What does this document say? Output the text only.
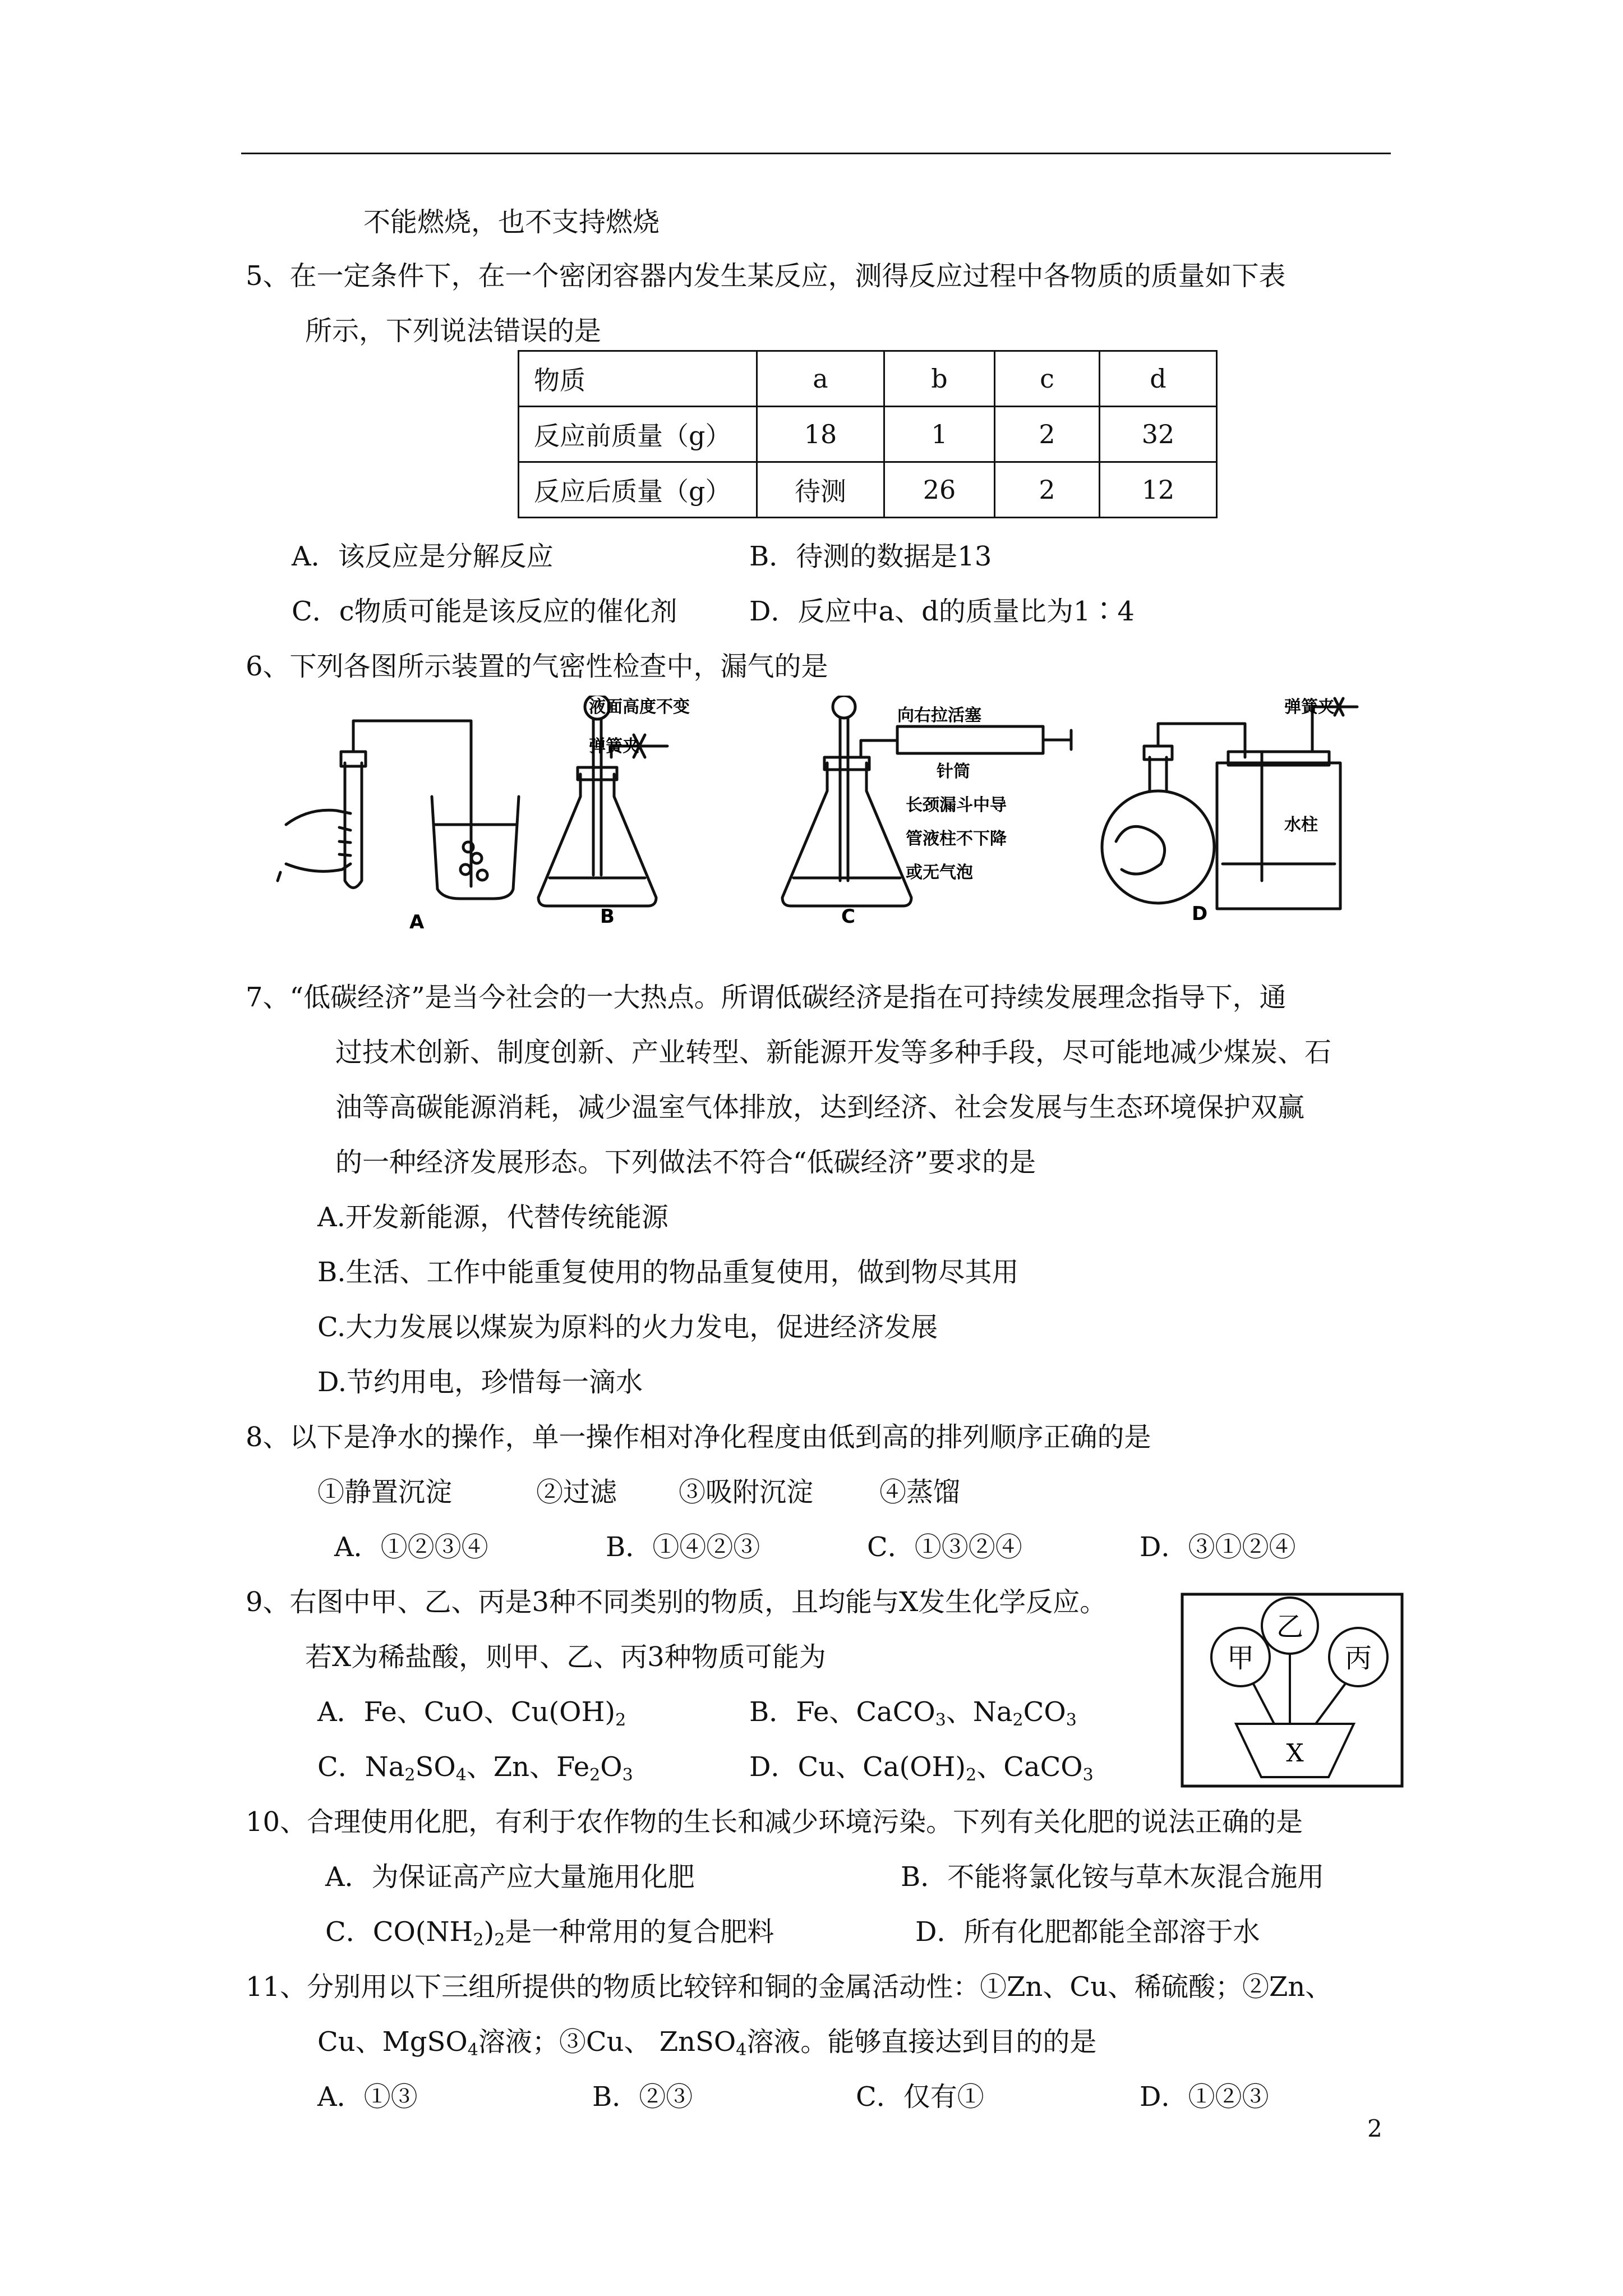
不能燃烧，也不支持燃烧
5、在一定条件下，在一个密闭容器内发生某反应，测得反应过程中各物质的质量如下表
所示，下列说法错误的是
物质	a	b	c	d
反应前质量（g）	18	1	2	32
反应后质量（g）	待测	26	2	12
A．该反应是分解反应	B．待测的数据是13
C．c物质可能是该反应的催化剂	D．反应中a、d的质量比为1∶4
6、下列各图所示装置的气密性检查中，漏气的是
液面高度不变
弹簧夹
向右拉活塞
针筒
长颈漏斗中导
管液柱不下降
或无气泡
弹簧夹
水柱
A	B	C	D
7、“低碳经济”是当今社会的一大热点。所谓低碳经济是指在可持续发展理念指导下，通
过技术创新、制度创新、产业转型、新能源开发等多种手段，尽可能地减少煤炭、石
油等高碳能源消耗，减少温室气体排放，达到经济、社会发展与生态环境保护双赢
的一种经济发展形态。下列做法不符合“低碳经济”要求的是
A.开发新能源，代替传统能源
B.生活、工作中能重复使用的物品重复使用，做到物尽其用
C.大力发展以煤炭为原料的火力发电，促进经济发展
D.节约用电，珍惜每一滴水
8、以下是净水的操作，单一操作相对净化程度由低到高的排列顺序正确的是
①静置沉淀	②过滤 ③吸附沉淀 ④蒸馏
A．①②③④	B．①④②③	C．①③②④	D．③①②④
9、右图中甲、乙、丙是3种不同类别的物质，且均能与X发生化学反应。
若X为稀盐酸，则甲、乙、丙3种物质可能为
A．Fe、CuO、$Cu(OH)_2$	B．Fe、CaCO$_3$、$Na_2CO_3$
C．$Na_2SO_4$、Zn、$Fe_2O_3$	D．Cu、$Ca(OH)_2$、CaCO$_3$
甲
乙
丙
X
10、合理使用化肥，有利于农作物的生长和减少环境污染。下列有关化肥的说法正确的是
A．为保证高产应大量施用化肥	B．不能将氯化铵与草木灰混合施用
C．$CO(NH_2)_2$是一种常用的复合肥料	D．所有化肥都能全部溶于水
11、分别用以下三组所提供的物质比较锌和铜的金属活动性：①Zn、Cu、稀硫酸；②Zn、
Cu、MgSO$_4$溶液；③Cu、 ZnSO$_4$溶液。能够直接达到目的的是
A．①③	B．②③	C．仅有①	D．①②③
2
